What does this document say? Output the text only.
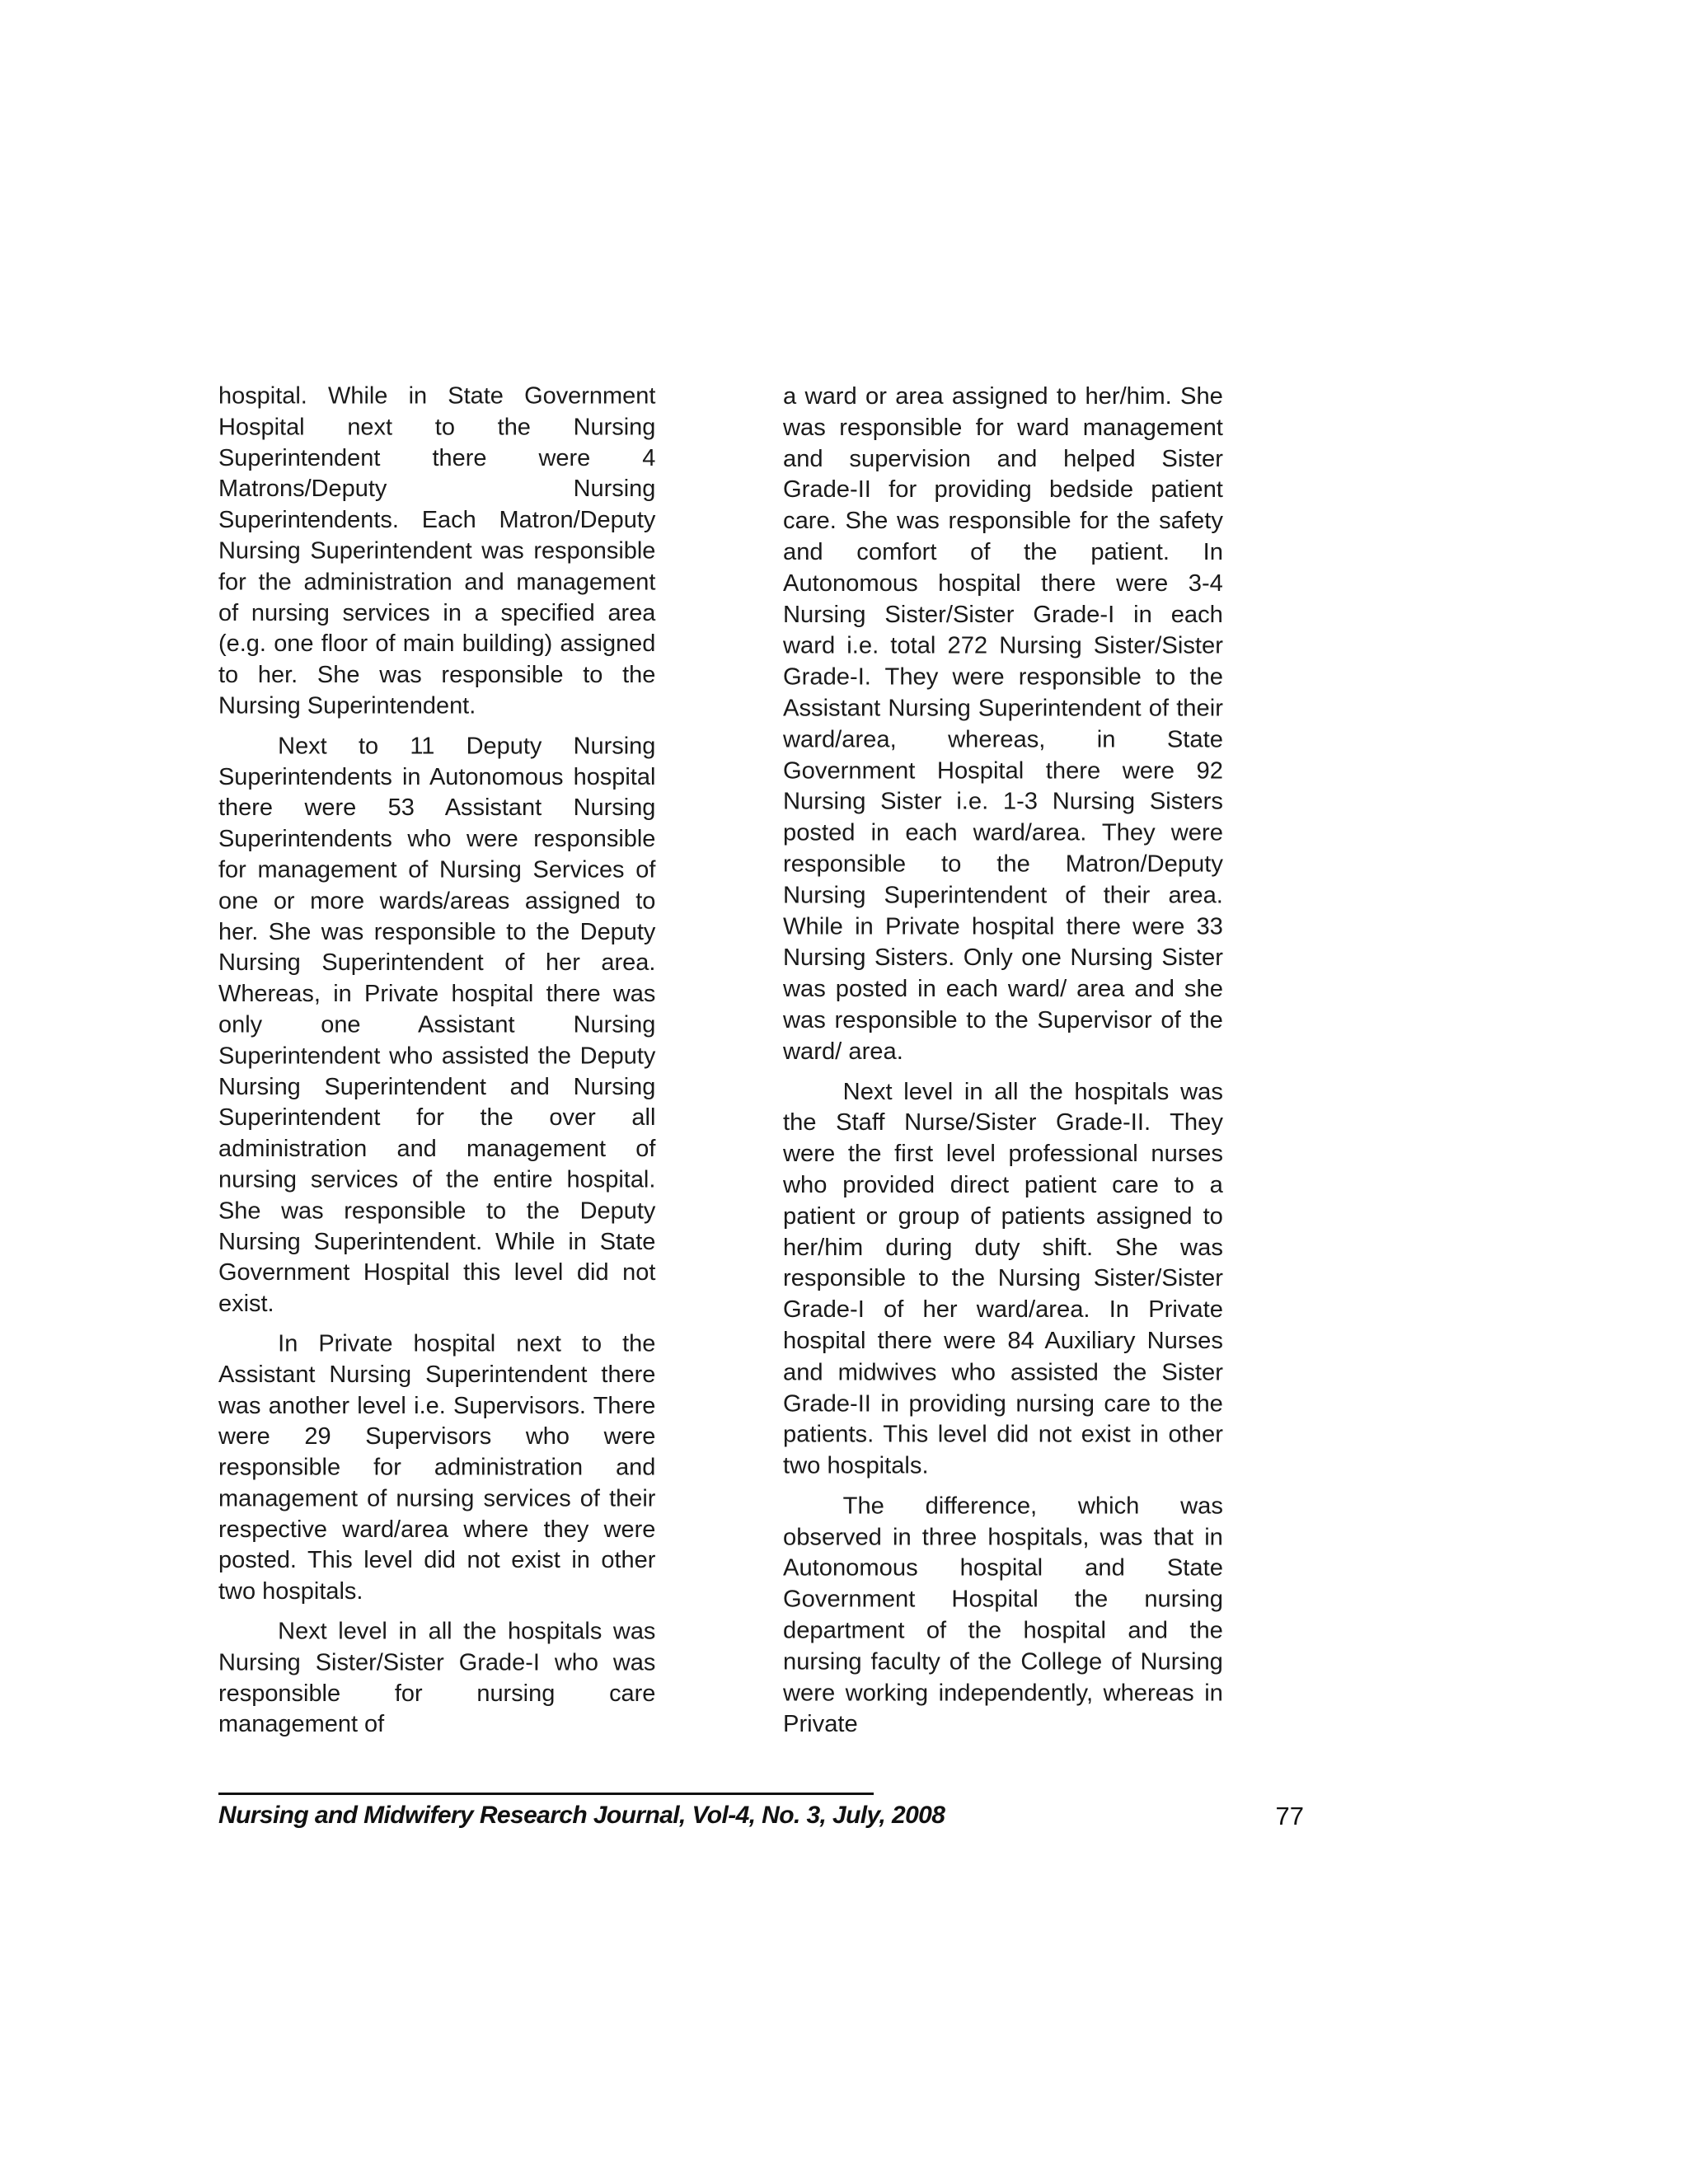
hospital. While in State Government Hospital next to the Nursing Superintendent there were 4 Matrons/Deputy Nursing Superintendents. Each Matron/Deputy Nursing Superintendent was responsible for the administration and management of nursing services in a specified area (e.g. one floor of main building) assigned to her. She was responsible to the Nursing Superintendent.

Next to 11 Deputy Nursing Superintendents in Autonomous hospital there were 53 Assistant Nursing Superintendents who were responsible for management of Nursing Services of one or more wards/areas assigned to her. She was responsible to the Deputy Nursing Superintendent of her area. Whereas, in Private hospital there was only one Assistant Nursing Superintendent who assisted the Deputy Nursing Superintendent and Nursing Superintendent for the over all administration and management of nursing services of the entire hospital. She was responsible to the Deputy Nursing Superintendent. While in State Government Hospital this level did not exist.

In Private hospital next to the Assistant Nursing Superintendent there was another level i.e. Supervisors. There were 29 Supervisors who were responsible for administration and management of nursing services of their respective ward/area where they were posted. This level did not exist in other two hospitals.

Next level in all the hospitals was Nursing Sister/Sister Grade-I who was responsible for nursing care management of

a ward or area assigned to her/him. She was responsible for ward management and supervision and helped Sister Grade-II for providing bedside patient care. She was responsible for the safety and comfort of the patient. In Autonomous hospital there were 3-4 Nursing Sister/Sister Grade-I in each ward i.e. total 272 Nursing Sister/Sister Grade-I. They were responsible to the Assistant Nursing Superintendent of their ward/area, whereas, in State Government Hospital there were 92 Nursing Sister i.e. 1-3 Nursing Sisters posted in each ward/area. They were responsible to the Matron/Deputy Nursing Superintendent of their area. While in Private hospital there were 33 Nursing Sisters. Only one Nursing Sister was posted in each ward/ area and she was responsible to the Supervisor of the ward/ area.

Next level in all the hospitals was the Staff Nurse/Sister Grade-II. They were the first level professional nurses who provided direct patient care to a patient or group of patients assigned to her/him during duty shift. She was responsible to the Nursing Sister/Sister Grade-I of her ward/area. In Private hospital there were 84 Auxiliary Nurses and midwives who assisted the Sister Grade-II in providing nursing care to the patients. This level did not exist in other two hospitals.

The difference, which was observed in three hospitals, was that in Autonomous hospital and State Government Hospital the nursing department of the hospital and the nursing faculty of the College of Nursing were working independently, whereas in Private

Nursing and Midwifery Research Journal, Vol-4, No. 3, July, 2008	77
